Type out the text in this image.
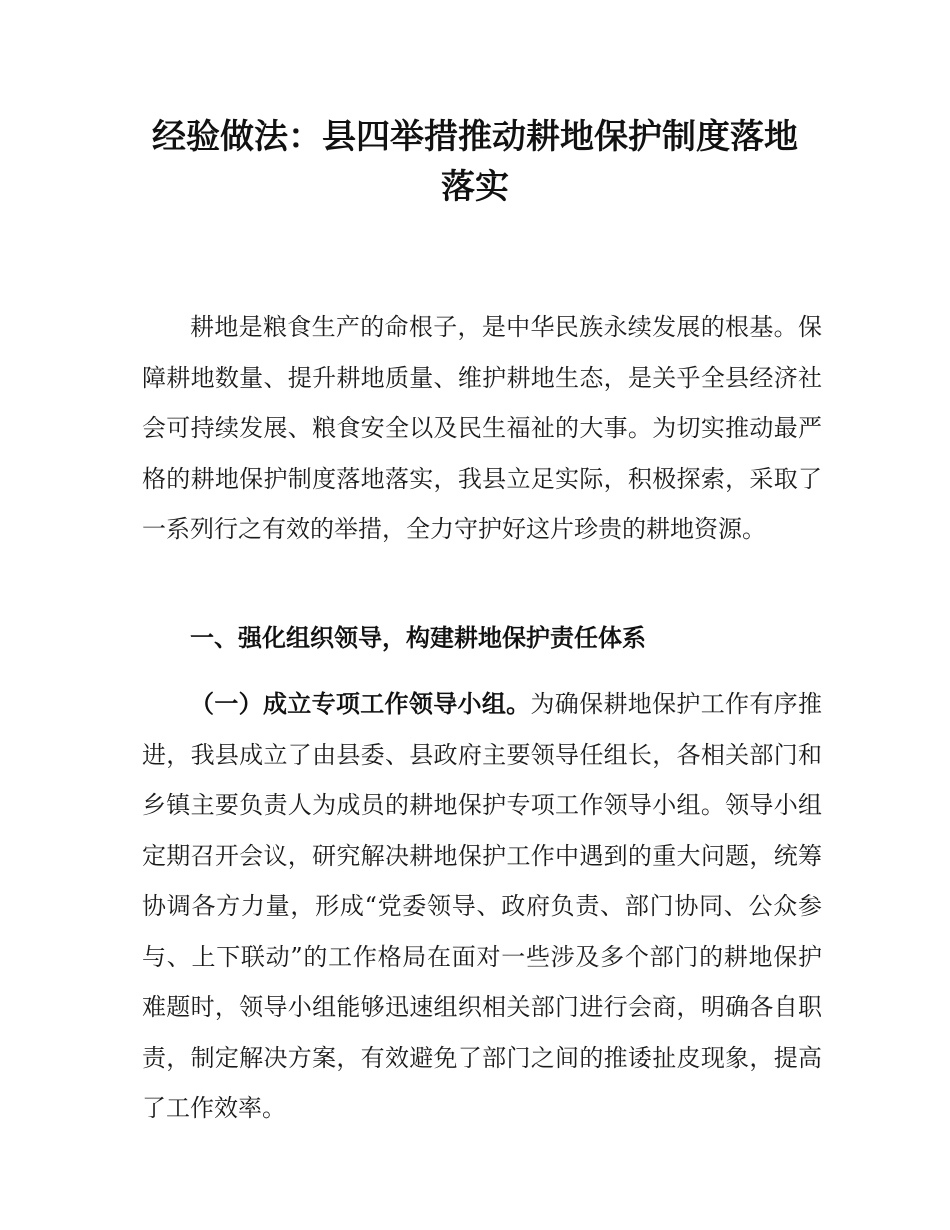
经验做法：县四举措推动耕地保护制度落地
落实

耕地是粮食生产的命根子，是中华民族永续发展的根基。保障耕地数量、提升耕地质量、维护耕地生态，是关乎全县经济社会可持续发展、粮食安全以及民生福祉的大事。为切实推动最严格的耕地保护制度落地落实，我县立足实际，积极探索，采取了一系列行之有效的举措，全力守护好这片珍贵的耕地资源。

一、强化组织领导，构建耕地保护责任体系

（一）成立专项工作领导小组。为确保耕地保护工作有序推进，我县成立了由县委、县政府主要领导任组长，各相关部门和乡镇主要负责人为成员的耕地保护专项工作领导小组。领导小组定期召开会议，研究解决耕地保护工作中遇到的重大问题，统筹协调各方力量，形成“党委领导、政府负责、部门协同、公众参与、上下联动”的工作格局在面对一些涉及多个部门的耕地保护难题时，领导小组能够迅速组织相关部门进行会商，明确各自职责，制定解决方案，有效避免了部门之间的推诿扯皮现象，提高了工作效率。
